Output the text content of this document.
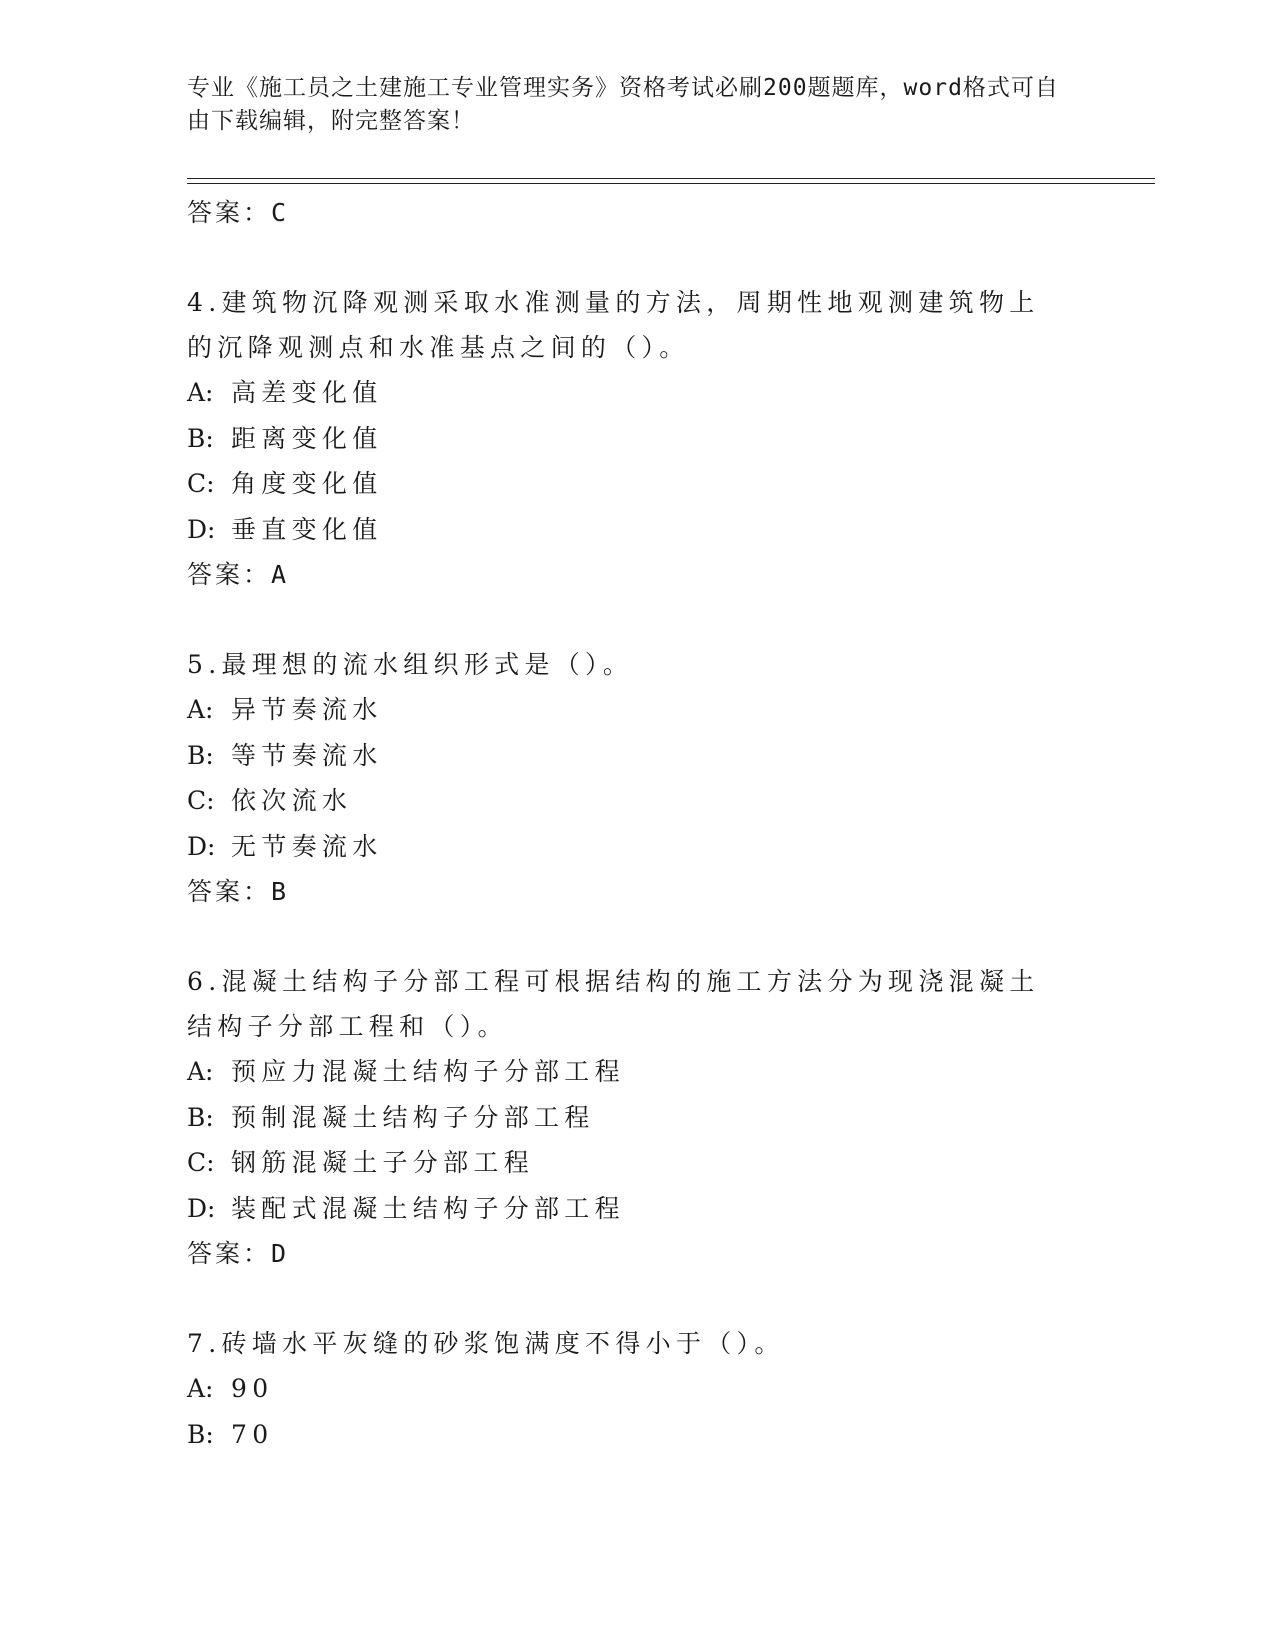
专业《施工员之土建施工专业管理实务》资格考试必刷200题题库，word格式可自由下载编辑，附完整答案！
答案：C
4.建筑物沉降观测采取水准测量的方法，周期性地观测建筑物上的沉降观测点和水准基点之间的（）。
A: 高差变化值
B: 距离变化值
C: 角度变化值
D: 垂直变化值
答案：A
5.最理想的流水组织形式是（）。
A: 异节奏流水
B: 等节奏流水
C: 依次流水
D: 无节奏流水
答案：B
6.混凝土结构子分部工程可根据结构的施工方法分为现浇混凝土结构子分部工程和（）。
A: 预应力混凝土结构子分部工程
B: 预制混凝土结构子分部工程
C: 钢筋混凝土子分部工程
D: 装配式混凝土结构子分部工程
答案：D
7.砖墙水平灰缝的砂浆饱满度不得小于（）。
A: 90
B: 70
